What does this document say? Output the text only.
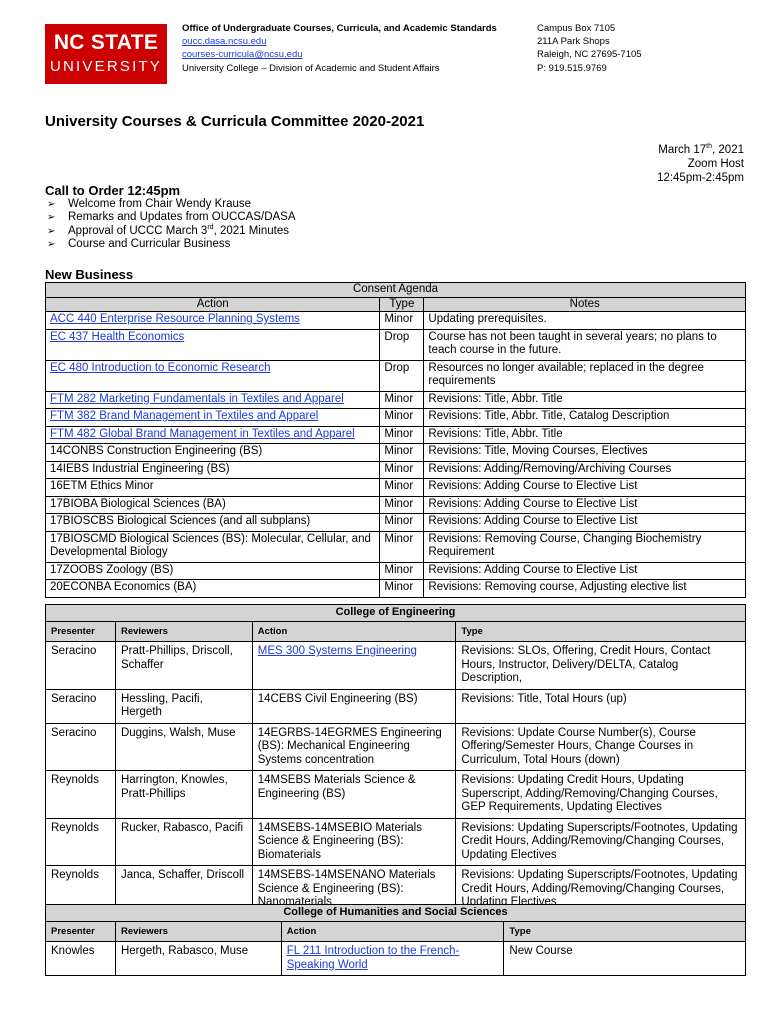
NC STATE
UNIVERSITY
Office of Undergraduate Courses, Curricula, and Academic Standards
oucc.dasa.ncsu.edu
courses-curricula@ncsu.edu
University College – Division of Academic and Student Affairs
Campus Box 7105
211A Park Shops
Raleigh, NC 27695-7105
P: 919.515.9769
University Courses & Curricula Committee 2020-2021
March 17th, 2021
Zoom Host
12:45pm-2:45pm
Call to Order 12:45pm
➢ Welcome from Chair Wendy Krause
➢ Remarks and Updates from OUCCAS/DASA
➢ Approval of UCCC March 3rd, 2021 Minutes
➢ Course and Curricular Business
New Business
Consent Agenda		
Action	Type	Notes
ACC 440 Enterprise Resource Planning Systems	Minor	Updating prerequisites.
EC 437 Health Economics	Drop	Course has not been taught in several years; no plans to teach course in the future.
EC 480 Introduction to Economic Research	Drop	Resources no longer available; replaced in the degree requirements
FTM 282 Marketing Fundamentals in Textiles and Apparel	Minor	Revisions: Title, Abbr. Title
FTM 382 Brand Management in Textiles and Apparel	Minor	Revisions: Title, Abbr. Title, Catalog Description
FTM 482 Global Brand Management in Textiles and Apparel	Minor	Revisions: Title, Abbr. Title
14CONBS Construction Engineering (BS)	Minor	Revisions: Title, Moving Courses, Electives
14IEBS Industrial Engineering (BS)	Minor	Revisions: Adding/Removing/Archiving Courses
16ETM Ethics Minor	Minor	Revisions: Adding Course to Elective List
17BIOBA Biological Sciences (BA)	Minor	Revisions: Adding Course to Elective List
17BIOSCBS Biological Sciences (and all subplans)	Minor	Revisions: Adding Course to Elective List
17BIOSCMD Biological Sciences (BS): Molecular, Cellular, and Developmental Biology	Minor	Revisions: Removing Course, Changing Biochemistry Requirement
17ZOOBS Zoology (BS)	Minor	Revisions: Adding Course to Elective List
20ECONBA Economics (BA)	Minor	Revisions: Removing course, Adjusting elective list
College of Engineering			
Presenter	Reviewers	Action	Type
Seracino	Pratt-Phillips, Driscoll, Schaffer	MES 300 Systems Engineering	Revisions: SLOs, Offering, Credit Hours, Contact Hours, Instructor, Delivery/DELTA, Catalog Description,
Seracino	Hessling, Pacifi, Hergeth	14CEBS Civil Engineering (BS)	Revisions: Title, Total Hours (up)
Seracino	Duggins, Walsh, Muse	14EGRBS-14EGRMES Engineering (BS): Mechanical Engineering Systems concentration	Revisions: Update Course Number(s), Course Offering/Semester Hours, Change Courses in Curriculum, Total Hours (down)
Reynolds	Harrington, Knowles, Pratt-Phillips	14MSEBS Materials Science & Engineering (BS)	Revisions: Updating Credit Hours, Updating Superscript, Adding/Removing/Changing Courses, GEP Requirements, Updating Electives
Reynolds	Rucker, Rabasco, Pacifi	14MSEBS-14MSEBIO Materials Science & Engineering (BS): Biomaterials	Revisions: Updating Superscripts/Footnotes, Updating Credit Hours, Adding/Removing/Changing Courses, Updating Electives
Reynolds	Janca, Schaffer, Driscoll	14MSEBS-14MSENANO Materials Science & Engineering (BS): Nanomaterials	Revisions: Updating Superscripts/Footnotes, Updating Credit Hours, Adding/Removing/Changing Courses, Updating Electives
College of Humanities and Social Sciences			
Presenter	Reviewers	Action	Type
Knowles	Hergeth, Rabasco, Muse	FL 211 Introduction to the French-Speaking World	New Course
